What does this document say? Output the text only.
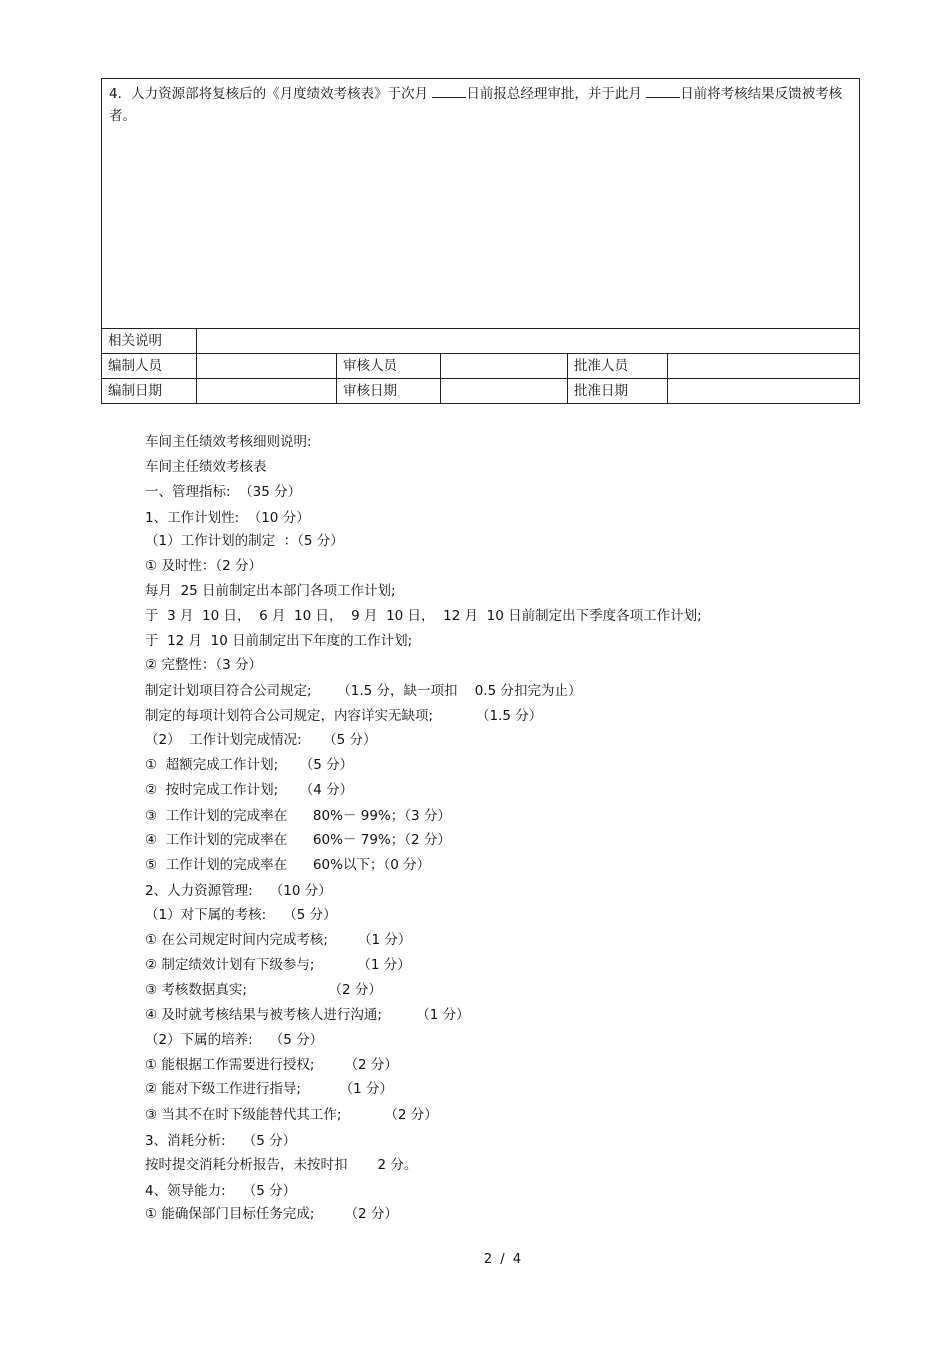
4．人力资源部将复核后的《月度绩效考核表》于次月	日前报总经理审批，并于此月	日前将考核结果反馈被考核者。
相关说明
编制人员	审核人员	批准人员
编制日期	审核日期	批准日期
车间主任绩效考核细则说明:
车间主任绩效考核表
一、管理指标:  （35 分）
1、工作计划性:  （10 分）
（1）工作计划的制定  ：（5 分）
① 及时性：（2 分）
每月  25 日前制定出本部门各项工作计划;
于  3 月  10 日，  6 月  10 日，  9 月  10 日，  12 月  10 日前制定出下季度各项工作计划;
于  12 月  10 日前制定出下年度的工作计划;
② 完整性：（3 分）
制定计划项目符合公司规定;      （1.5 分，缺一项扣    0.5 分扣完为止）
制定的每项计划符合公司规定，内容详实无缺项;          （1.5 分）
（2）  工作计划完成情况:     （5 分）
①  超额完成工作计划;     （5 分）
②  按时完成工作计划;     （4 分）
③  工作计划的完成率在      80%－ 99%；（3 分）
④  工作计划的完成率在      60%－ 79%；（2 分）
⑤  工作计划的完成率在      60%以下；（0 分）
2、人力资源管理:    （10 分）
（1）对下属的考核:    （5 分）
① 在公司规定时间内完成考核;       （1 分）
② 制定绩效计划有下级参与;          （1 分）
③ 考核数据真实;                   （2 分）
④ 及时就考核结果与被考核人进行沟通;        （1 分）
（2）下属的培养:    （5 分）
① 能根据工作需要进行授权;       （2 分）
② 能对下级工作进行指导;         （1 分）
③ 当其不在时下级能替代其工作;          （2 分）
3、消耗分析:    （5 分）
按时提交消耗分析报告，未按时扣       2 分。
4、领导能力:    （5 分）
① 能确保部门目标任务完成;       （2 分）
2 / 4
